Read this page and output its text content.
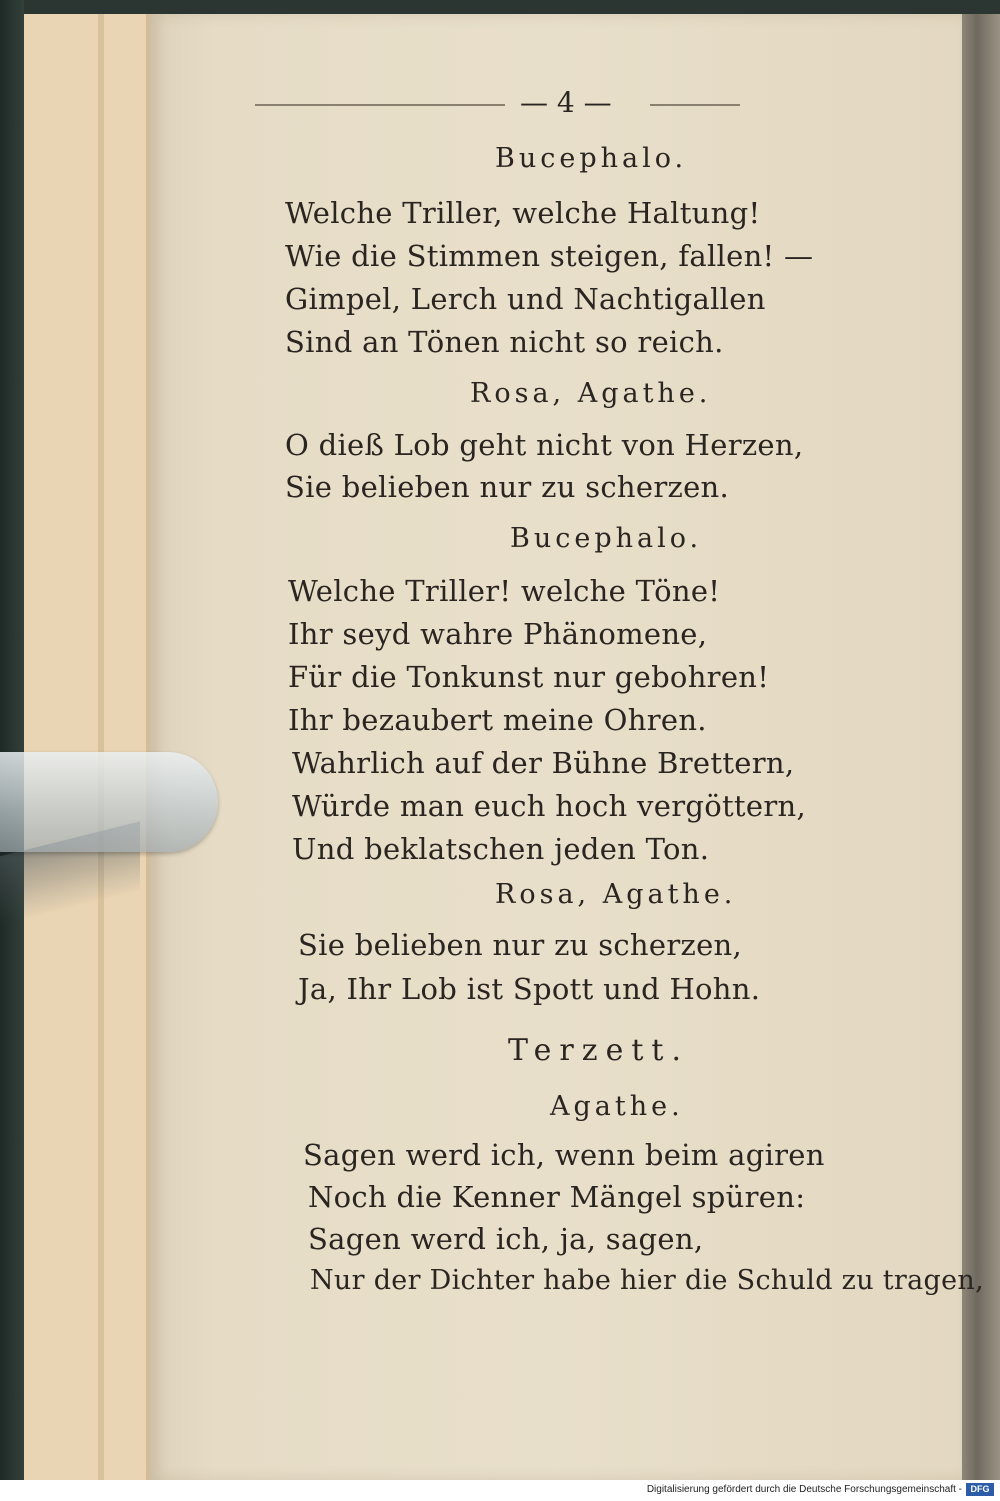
— 4 —
Bucephalo.
Welche Triller, welche Haltung!
Wie die Stimmen steigen, fallen! —
Gimpel, Lerch und Nachtigallen
Sind an Tönen nicht so reich.
Rosa, Agathe.
O dieß Lob geht nicht von Herzen,
Sie belieben nur zu scherzen.
Bucephalo.
Welche Triller! welche Töne!
Ihr seyd wahre Phänomene,
Für die Tonkunst nur gebohren!
Ihr bezaubert meine Ohren.
Wahrlich auf der Bühne Brettern,
Würde man euch hoch vergöttern,
Und beklatschen jeden Ton.
Rosa, Agathe.
Sie belieben nur zu scherzen,
Ja, Ihr Lob ist Spott und Hohn.
Terzett.
Agathe.
Sagen werd ich, wenn beim agiren
Noch die Kenner Mängel spüren:
Sagen werd ich, ja, sagen,
Nur der Dichter habe hier die Schuld zu tragen,
Digitalisierung gefördert durch die Deutsche Forschungsgemeinschaft - DFG
